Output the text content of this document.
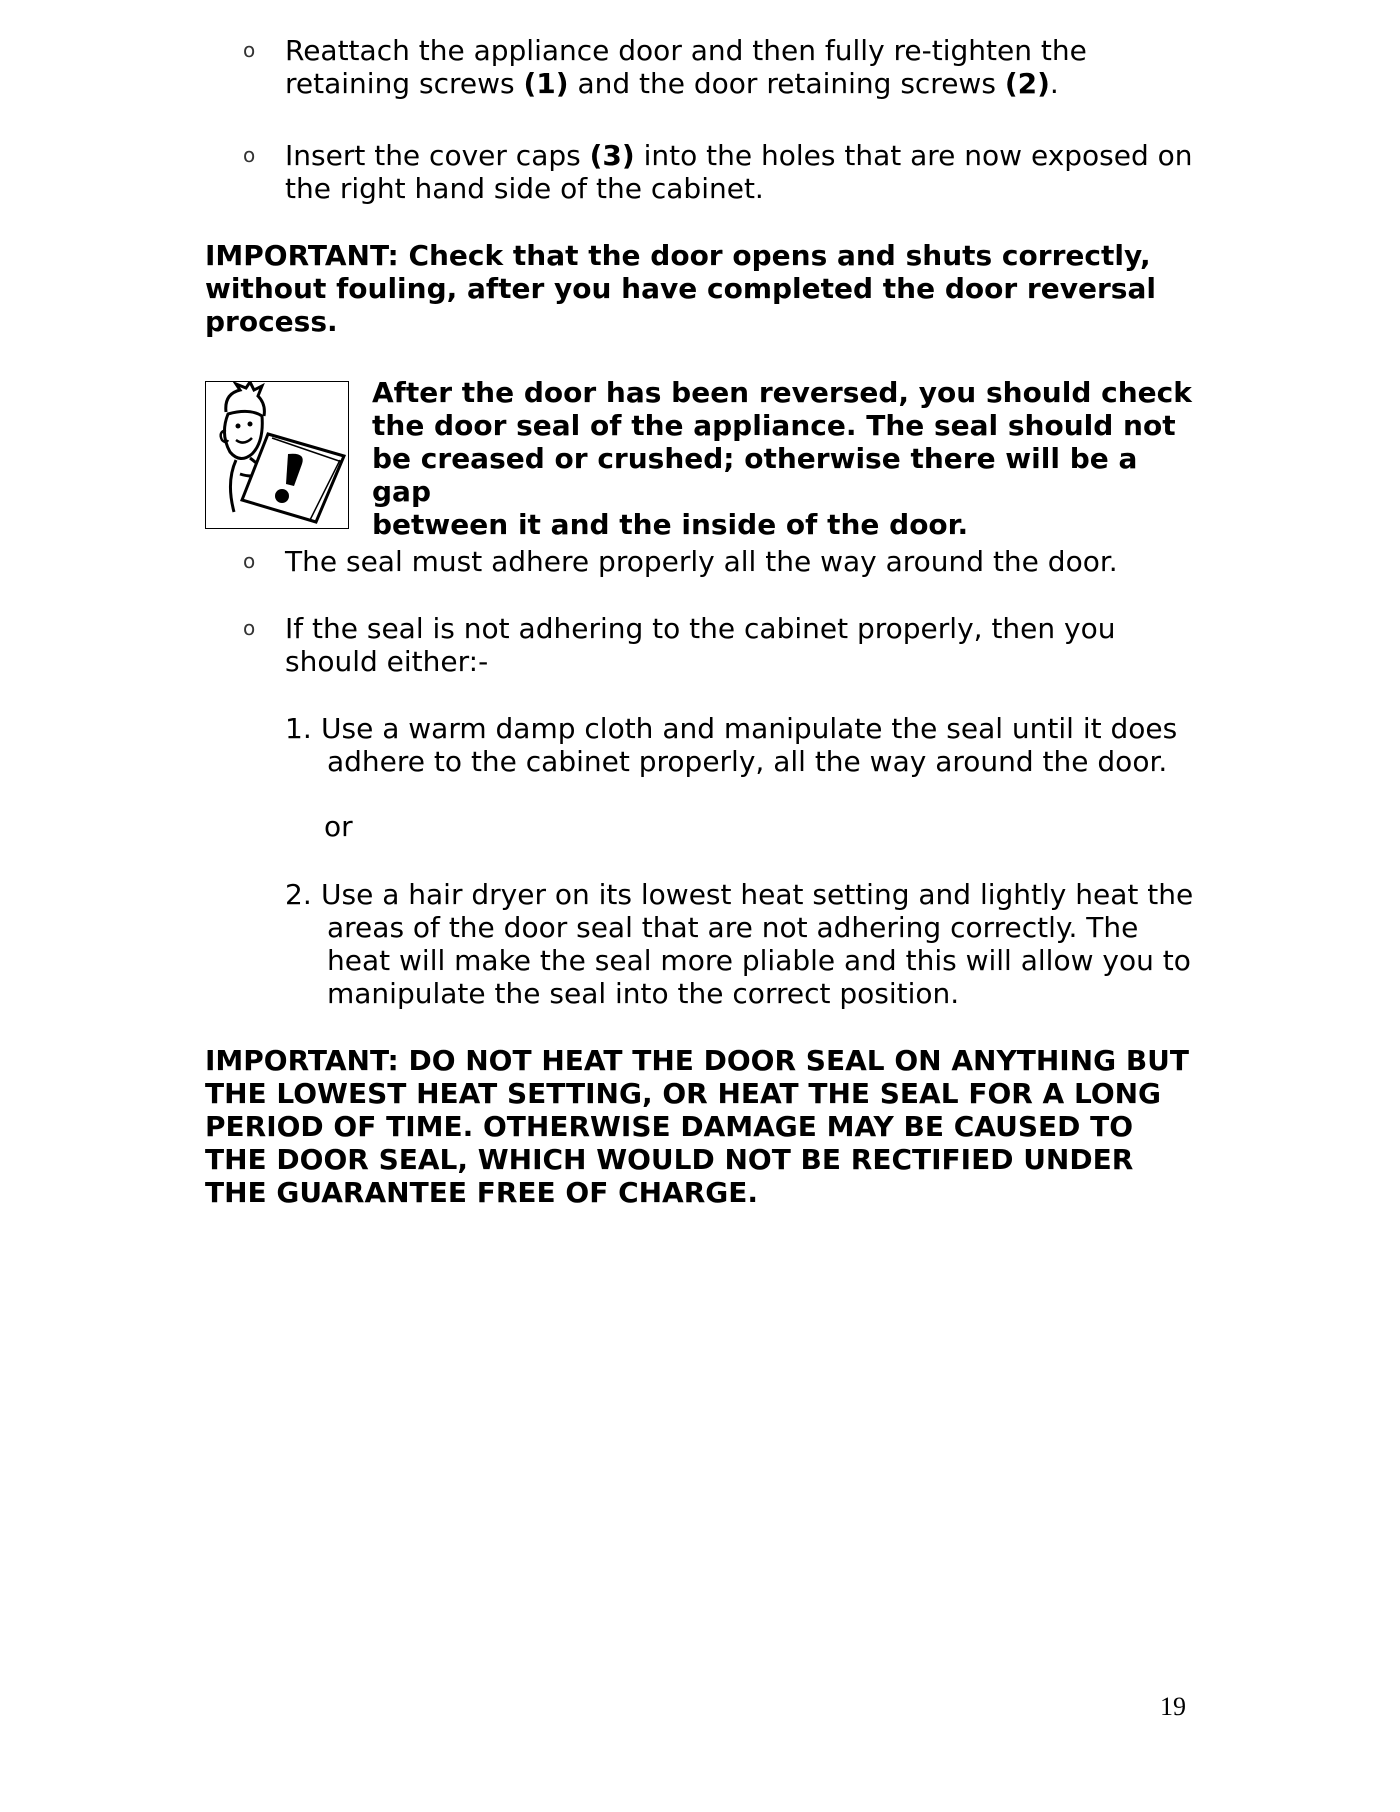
o Reattach the appliance door and then fully re-tighten the
retaining screws (1) and the door retaining screws (2).
o Insert the cover caps (3) into the holes that are now exposed on
the right hand side of the cabinet.
IMPORTANT: Check that the door opens and shuts correctly,
without fouling, after you have completed the door reversal
process.
After the door has been reversed, you should check
the door seal of the appliance. The seal should not
be creased or crushed; otherwise there will be a gap
between it and the inside of the door.
o The seal must adhere properly all the way around the door.
o If the seal is not adhering to the cabinet properly, then you
should either:-
1. Use a warm damp cloth and manipulate the seal until it does
adhere to the cabinet properly, all the way around the door.
or
2. Use a hair dryer on its lowest heat setting and lightly heat the
areas of the door seal that are not adhering correctly. The
heat will make the seal more pliable and this will allow you to
manipulate the seal into the correct position.
IMPORTANT: DO NOT HEAT THE DOOR SEAL ON ANYTHING BUT
THE LOWEST HEAT SETTING, OR HEAT THE SEAL FOR A LONG
PERIOD OF TIME. OTHERWISE DAMAGE MAY BE CAUSED TO
THE DOOR SEAL, WHICH WOULD NOT BE RECTIFIED UNDER
THE GUARANTEE FREE OF CHARGE.
19
